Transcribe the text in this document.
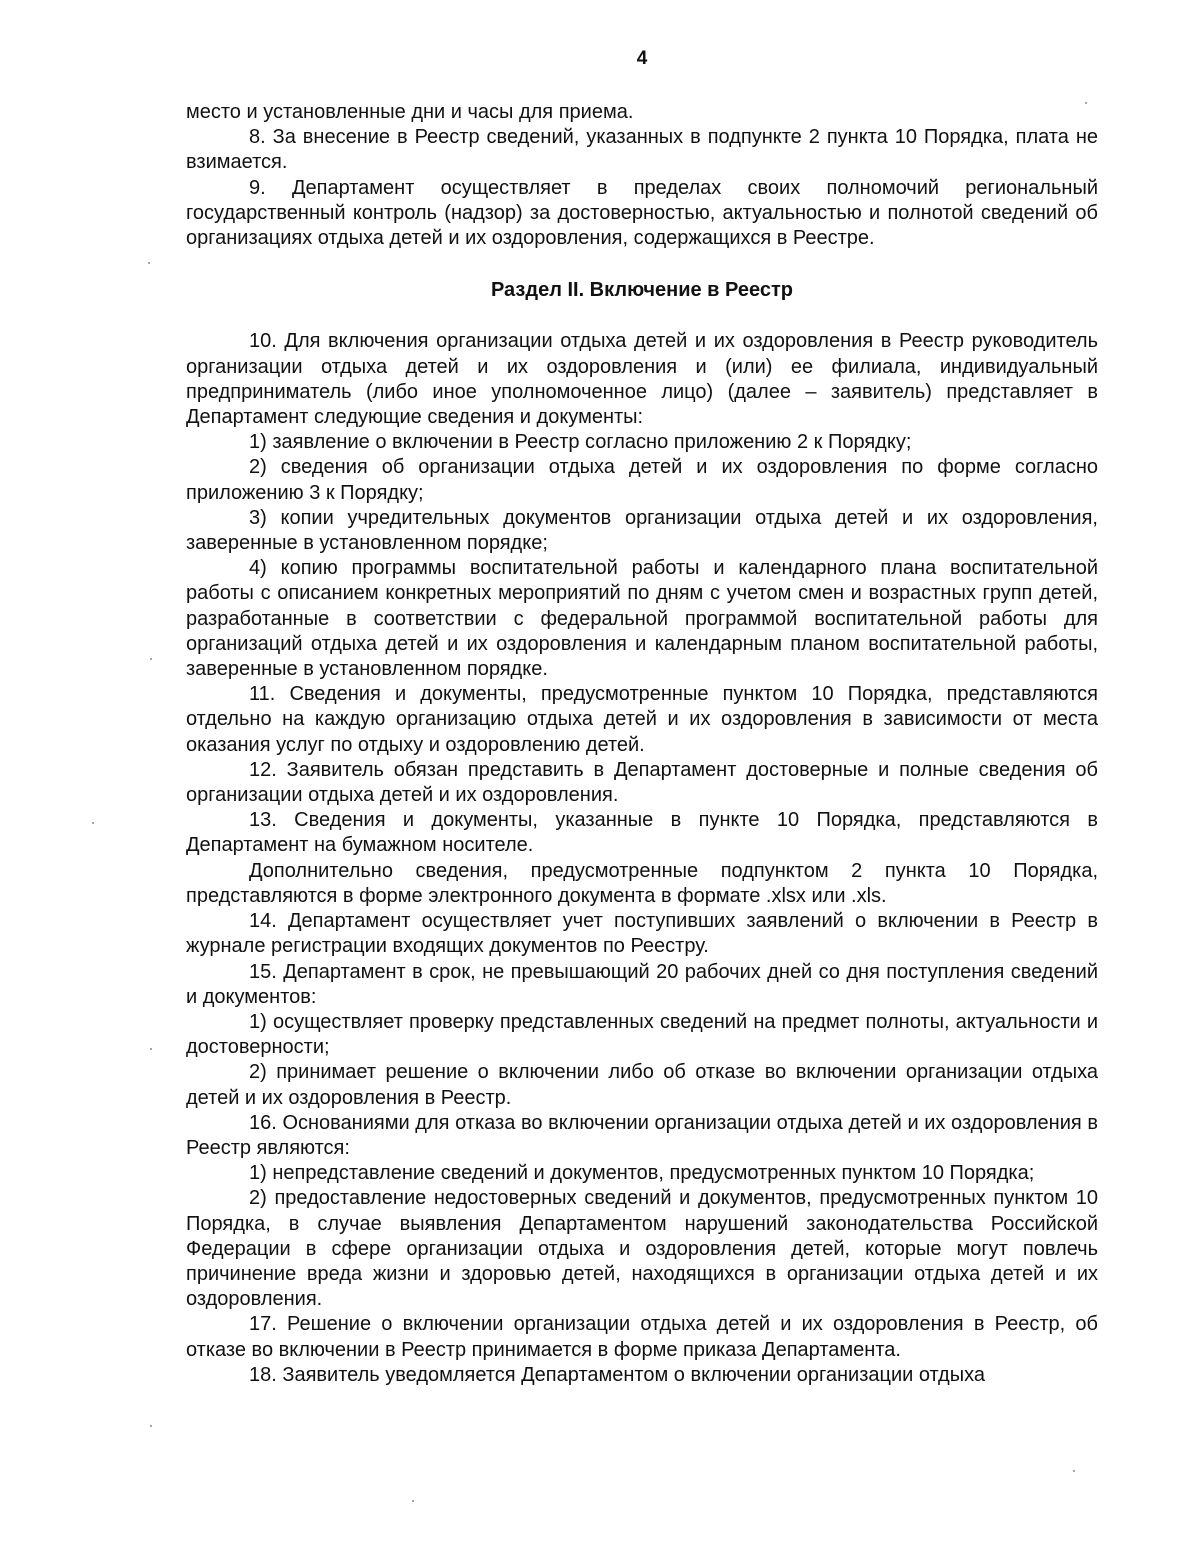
4

место и установленные дни и часы для приема.

8. За внесение в Реестр сведений, указанных в подпункте 2 пункта 10 Порядка, плата не взимается.

9. Департамент осуществляет в пределах своих полномочий региональный государственный контроль (надзор) за достоверностью, актуальностью и полнотой сведений об организациях отдыха детей и их оздоровления, содержащихся в Реестре.

Раздел II. Включение в Реестр

10. Для включения организации отдыха детей и их оздоровления в Реестр руководитель организации отдыха детей и их оздоровления и (или) ее филиала, индивидуальный предприниматель (либо иное уполномоченное лицо) (далее – заявитель) представляет в Департамент следующие сведения и документы:

1) заявление о включении в Реестр согласно приложению 2 к Порядку;

2) сведения об организации отдыха детей и их оздоровления по форме согласно приложению 3 к Порядку;

3) копии учредительных документов организации отдыха детей и их оздоровления, заверенные в установленном порядке;

4) копию программы воспитательной работы и календарного плана воспитательной работы с описанием конкретных мероприятий по дням с учетом смен и возрастных групп детей, разработанные в соответствии с федеральной программой воспитательной работы для организаций отдыха детей и их оздоровления и календарным планом воспитательной работы, заверенные в установленном порядке.

11. Сведения и документы, предусмотренные пунктом 10 Порядка, представляются отдельно на каждую организацию отдыха детей и их оздоровления в зависимости от места оказания услуг по отдыху и оздоровлению детей.

12. Заявитель обязан представить в Департамент достоверные и полные сведения об организации отдыха детей и их оздоровления.

13. Сведения и документы, указанные в пункте 10 Порядка, представляются в Департамент на бумажном носителе.

Дополнительно сведения, предусмотренные подпунктом 2 пункта 10 Порядка, представляются в форме электронного документа в формате .xlsx или .xls.

14. Департамент осуществляет учет поступивших заявлений о включении в Реестр в журнале регистрации входящих документов по Реестру.

15. Департамент в срок, не превышающий 20 рабочих дней со дня поступления сведений и документов:

1) осуществляет проверку представленных сведений на предмет полноты, актуальности и достоверности;

2) принимает решение о включении либо об отказе во включении организации отдыха детей и их оздоровления в Реестр.

16. Основаниями для отказа во включении организации отдыха детей и их оздоровления в Реестр являются:

1) непредставление сведений и документов, предусмотренных пунктом 10 Порядка;

2) предоставление недостоверных сведений и документов, предусмотренных пунктом 10 Порядка, в случае выявления Департаментом нарушений законодательства Российской Федерации в сфере организации отдыха и оздоровления детей, которые могут повлечь причинение вреда жизни и здоровью детей, находящихся в организации отдыха детей и их оздоровления.

17. Решение о включении организации отдыха детей и их оздоровления в Реестр, об отказе во включении в Реестр принимается в форме приказа Департамента.

18. Заявитель уведомляется Департаментом о включении организации отдыха
